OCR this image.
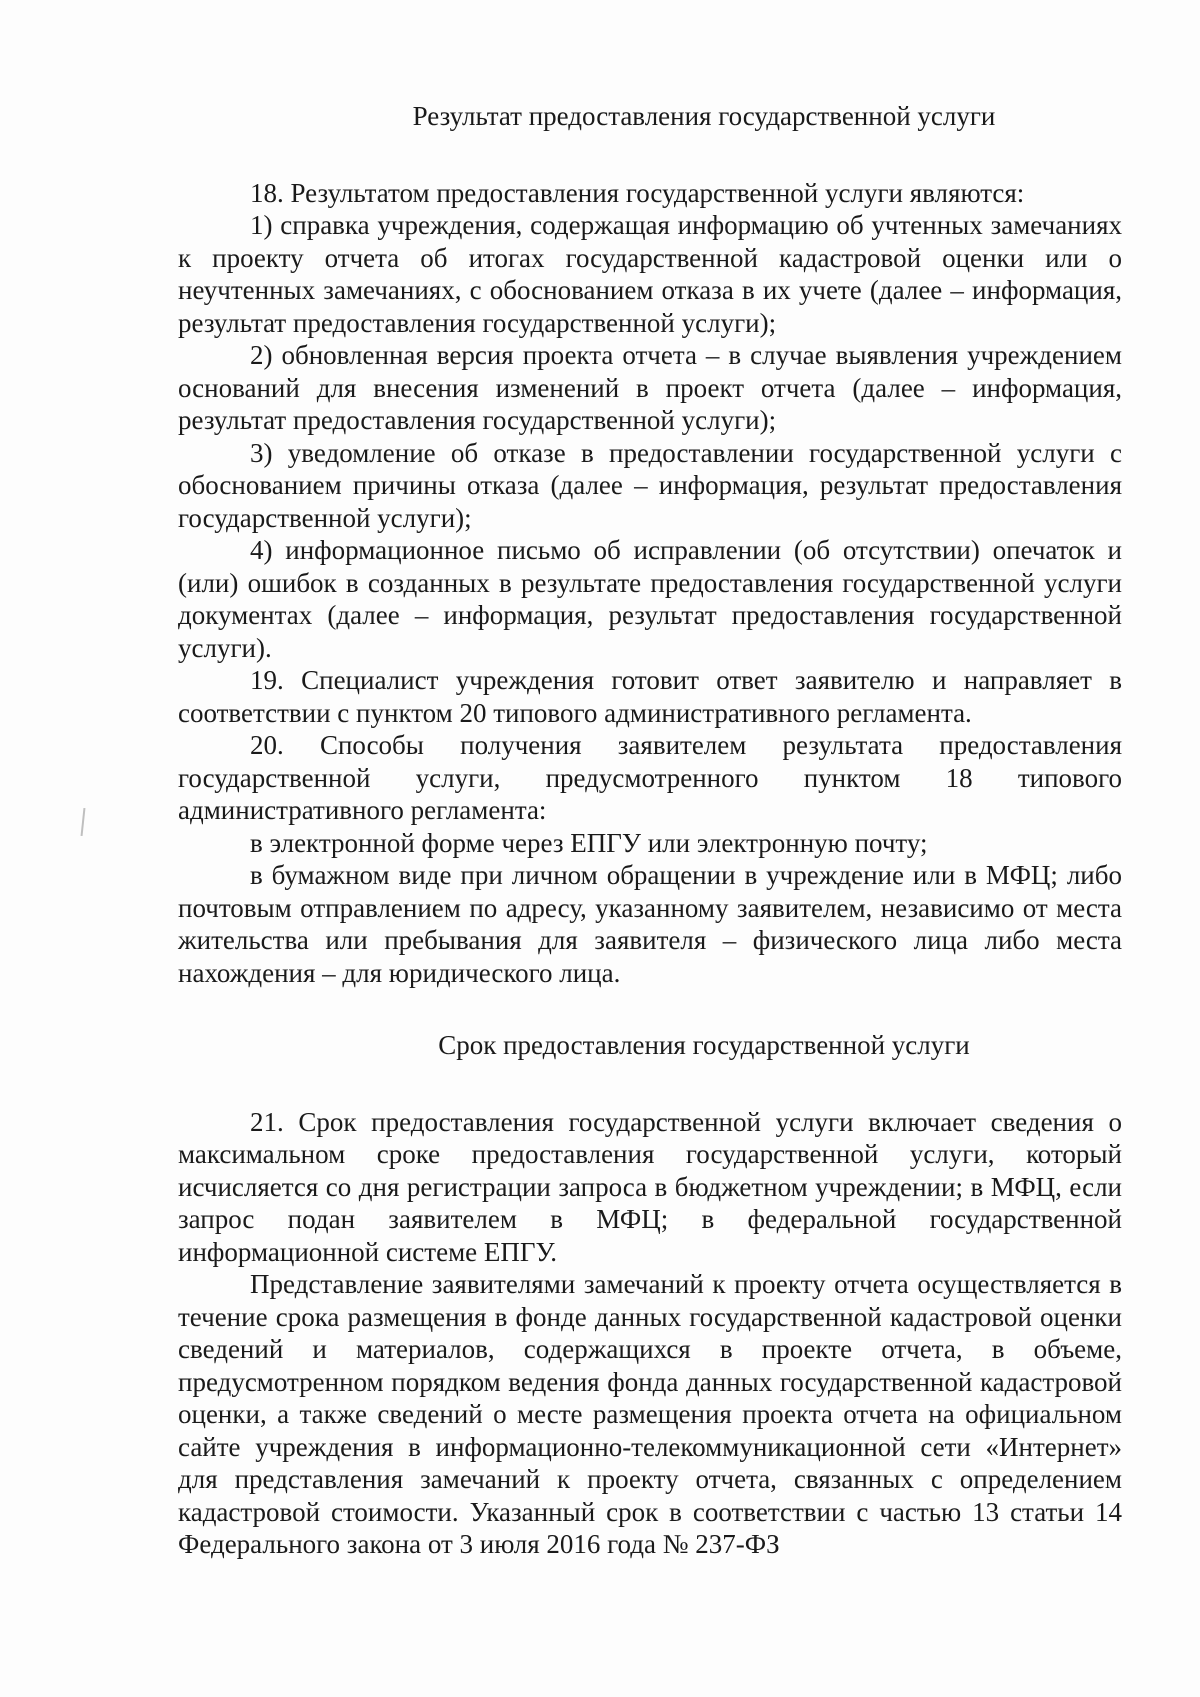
Результат предоставления государственной услуги

18. Результатом предоставления государственной услуги являются:

1) справка учреждения, содержащая информацию об учтенных замечаниях к проекту отчета об итогах государственной кадастровой оценки или о неучтенных замечаниях, с обоснованием отказа в их учете (далее – информация, результат предоставления государственной услуги);

2) обновленная версия проекта отчета – в случае выявления учреждением оснований для внесения изменений в проект отчета (далее – информация, результат предоставления государственной услуги);

3) уведомление об отказе в предоставлении государственной услуги с обоснованием причины отказа (далее – информация, результат предоставления государственной услуги);

4) информационное письмо об исправлении (об отсутствии) опечаток и (или) ошибок в созданных в результате предоставления государственной услуги документах (далее – информация, результат предоставления государственной услуги).

19. Специалист учреждения готовит ответ заявителю и направляет в соответствии с пунктом 20 типового административного регламента.

20. Способы получения заявителем результата предоставления государственной услуги, предусмотренного пунктом 18 типового административного регламента:

в электронной форме через ЕПГУ или электронную почту;

в бумажном виде при личном обращении в учреждение или в МФЦ; либо почтовым отправлением по адресу, указанному заявителем, независимо от места жительства или пребывания для заявителя – физического лица либо места нахождения – для юридического лица.

Срок предоставления государственной услуги

21. Срок предоставления государственной услуги включает сведения о максимальном сроке предоставления государственной услуги, который исчисляется со дня регистрации запроса в бюджетном учреждении; в МФЦ, если запрос подан заявителем в МФЦ; в федеральной государственной информационной системе ЕПГУ.

Представление заявителями замечаний к проекту отчета осуществляется в течение срока размещения в фонде данных государственной кадастровой оценки сведений и материалов, содержащихся в проекте отчета, в объеме, предусмотренном порядком ведения фонда данных государственной кадастровой оценки, а также сведений о месте размещения проекта отчета на официальном сайте учреждения в информационно-телекоммуникационной сети «Интернет» для представления замечаний к проекту отчета, связанных с определением кадастровой стоимости. Указанный срок в соответствии с частью 13 статьи 14 Федерального закона от 3 июля 2016 года № 237-ФЗ
